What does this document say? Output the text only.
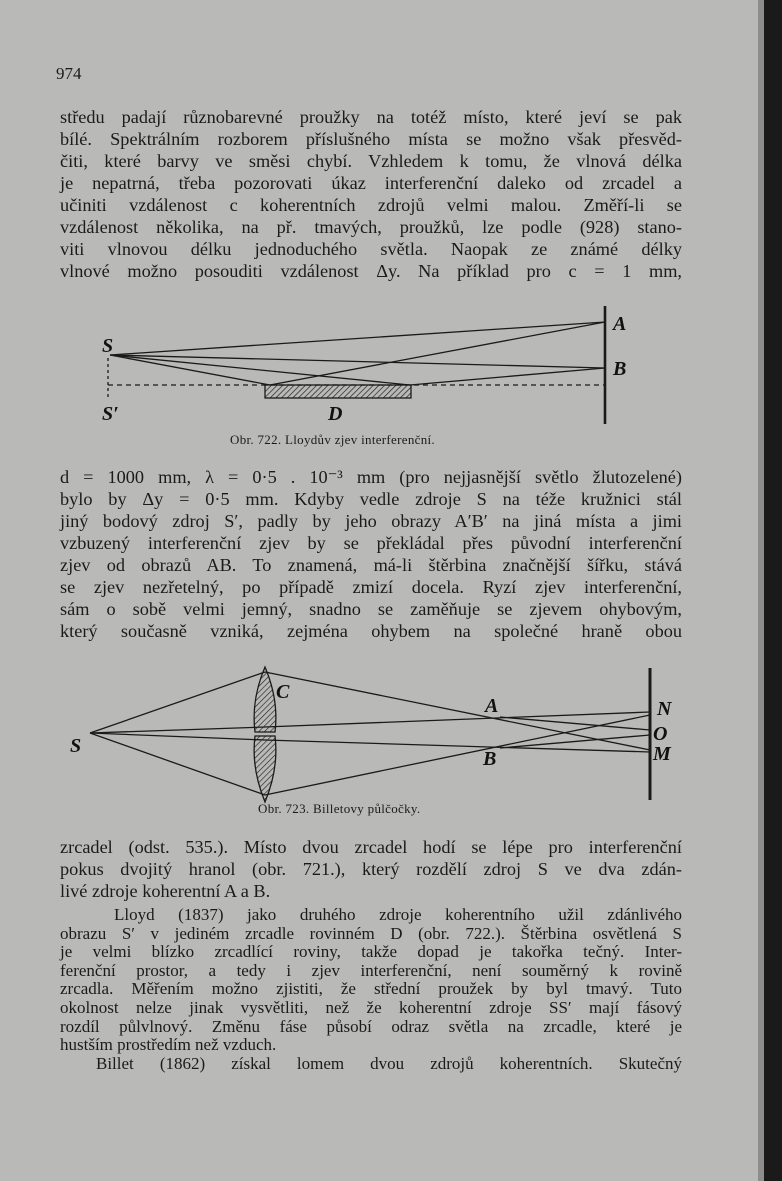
974
středu padají různobarevné proužky na totéž místo, které jeví se pak
bílé. Spektrálním rozborem příslušného místa se možno však přesvěd-
čiti, které barvy ve směsi chybí. Vzhledem k tomu, že vlnová délka
je nepatrná, třeba pozorovati úkaz interferenční daleko od zrcadel a
učiniti vzdálenost c koherentních zdrojů velmi malou. Změří-li se
vzdálenost několika, na př. tmavých, proužků, lze podle (928) stano-
viti vlnovou délku jednoduchého světla. Naopak ze známé délky
vlnové možno posouditi vzdálenost Δy. Na příklad pro c = 1 mm,
S
S′
A
B
D
Obr. 722. Lloydův zjev interferenční.
d = 1000 mm, λ = 0·5 . 10⁻³ mm (pro nejjasnější světlo žlutozelené)
bylo by Δy = 0·5 mm. Kdyby vedle zdroje S na téže kružnici stál
jiný bodový zdroj S′, padly by jeho obrazy A′B′ na jiná místa a jimi
vzbuzený interferenční zjev by se překládal přes původní interferenční
zjev od obrazů AB. To znamená, má-li štěrbina značnější šířku, stává
se zjev nezřetelný, po případě zmizí docela. Ryzí zjev interferenční,
sám o sobě velmi jemný, snadno se zaměňuje se zjevem ohybovým,
který současně vzniká, zejména ohybem na společné hraně obou
S
C
A
B
N
O
M
Obr. 723. Billetovy půlčočky.
zrcadel (odst. 535.). Místo dvou zrcadel hodí se lépe pro interferenční
pokus dvojitý hranol (obr. 721.), který rozdělí zdroj S ve dva zdán-
livé zdroje koherentní A a B.
Lloyd (1837) jako druhého zdroje koherentního užil zdánlivého
obrazu S′ v jediném zrcadle rovinném D (obr. 722.). Štěrbina osvětlená S
je velmi blízko zrcadlící roviny, takže dopad je takořka tečný. Inter-
ferenční prostor, a tedy i zjev interferenční, není souměrný k rovině
zrcadla. Měřením možno zjistiti, že střední proužek by byl tmavý. Tuto
okolnost nelze jinak vysvětliti, než že koherentní zdroje SS′ mají fásový
rozdíl půlvlnový. Změnu fáse působí odraz světla na zrcadle, které je
hustším prostředím než vzduch.
Billet (1862) získal lomem dvou zdrojů koherentních. Skutečný
